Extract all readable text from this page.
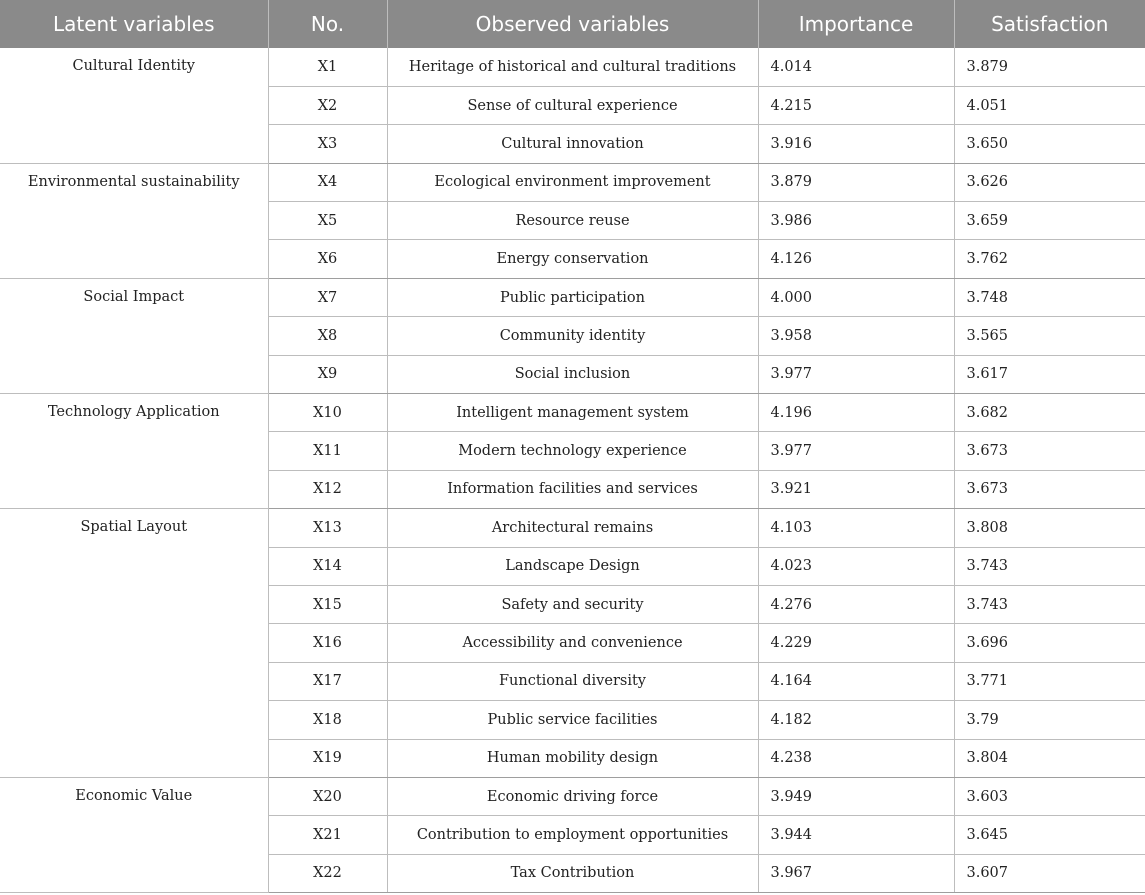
Latent variables	No.	Observed variables	Importance	Satisfaction
Cultural Identity	X1	Heritage of historical and cultural traditions	4.014	3.879
	X2	Sense of cultural experience	4.215	4.051
	X3	Cultural innovation	3.916	3.650
Environmental sustainability	X4	Ecological environment improvement	3.879	3.626
	X5	Resource reuse	3.986	3.659
	X6	Energy conservation	4.126	3.762
Social Impact	X7	Public participation	4.000	3.748
	X8	Community identity	3.958	3.565
	X9	Social inclusion	3.977	3.617
Technology Application	X10	Intelligent management system	4.196	3.682
	X11	Modern technology experience	3.977	3.673
	X12	Information facilities and services	3.921	3.673
Spatial Layout	X13	Architectural remains	4.103	3.808
	X14	Landscape Design	4.023	3.743
	X15	Safety and security	4.276	3.743
	X16	Accessibility and convenience	4.229	3.696
	X17	Functional diversity	4.164	3.771
	X18	Public service facilities	4.182	3.79
	X19	Human mobility design	4.238	3.804
Economic Value	X20	Economic driving force	3.949	3.603
	X21	Contribution to employment opportunities	3.944	3.645
	X22	Tax Contribution	3.967	3.607
